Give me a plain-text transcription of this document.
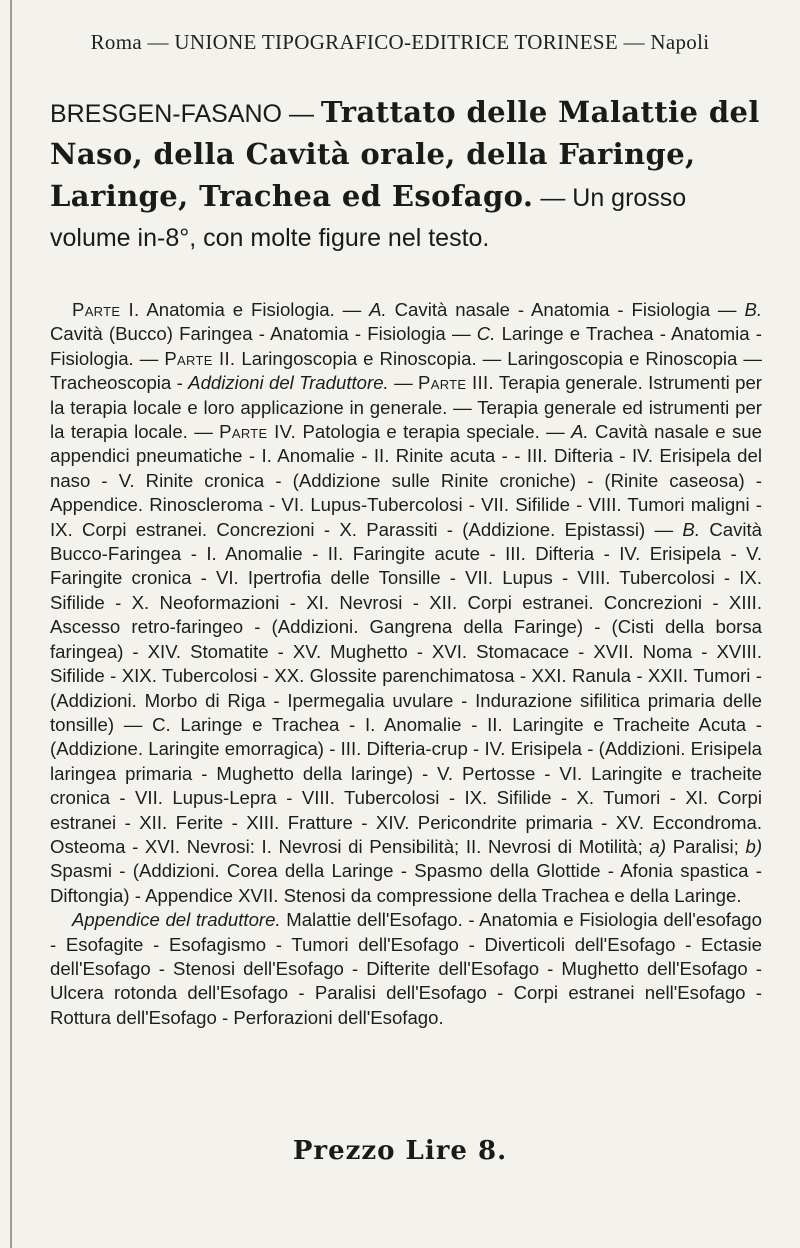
Roma — UNIONE TIPOGRAFICO-EDITRICE TORINESE — Napoli
BRESGEN-FASANO — Trattato delle Malattie del Naso, della Cavità orale, della Faringe, Laringe, Trachea ed Esofago. — Un grosso volume in-8°, con molte figure nel testo.

Parte I. Anatomia e Fisiologia. — A. Cavità nasale - Anatomia - Fisiologia — B. Cavità (Bucco) Faringea - Anatomia - Fisiologia — C. Laringe e Trachea - Anatomia - Fisiologia. — Parte II. Laringoscopia e Rinoscopia. — Laringoscopia e Rinoscopia — Tracheoscopia - Addizioni del Traduttore. — Parte III. Terapia generale. Istrumenti per la terapia locale e loro applicazione in generale. — Terapia generale ed istrumenti per la terapia locale. — Parte IV. Patologia e terapia speciale. — A. Cavità nasale e sue appendici pneumatiche - I. Anomalie - II. Rinite acuta - - III. Difteria - IV. Erisipela del naso - V. Rinite cronica - (Addizione sulle Rinite croniche) - (Rinite caseosa) - Appendice. Rinoscleroma - VI. Lupus-Tubercolosi - VII. Sifilide - VIII. Tumori maligni - IX. Corpi estranei. Concrezioni - X. Parassiti - (Addizione. Epistassi) — B. Cavità Bucco-Faringea - I. Anomalie - II. Faringite acute - III. Difteria - IV. Erisipela - V. Faringite cronica - VI. Ipertrofia delle Tonsille - VII. Lupus - VIII. Tubercolosi - IX. Sifilide - X. Neoformazioni - XI. Nevrosi - XII. Corpi estranei. Concrezioni - XIII. Ascesso retro-faringeo - (Addizioni. Gangrena della Faringe) - (Cisti della borsa faringea) - XIV. Stomatite - XV. Mughetto - XVI. Stomacace - XVII. Noma - XVIII. Sifilide - XIX. Tubercolosi - XX. Glossite parenchimatosa - XXI. Ranula - XXII. Tumori - (Addizioni. Morbo di Riga - Ipermegalia uvulare - Indurazione sifilitica primaria delle tonsille) — C. Laringe e Trachea - I. Anomalie - II. Laringite e Tracheite Acuta - (Addizione. Laringite emorragica) - III. Difteria-crup - IV. Erisipela - (Addizioni. Erisipela laringea primaria - Mughetto della laringe) - V. Pertosse - VI. Laringite e tracheite cronica - VII. Lupus-Lepra - VIII. Tubercolosi - IX. Sifilide - X. Tumori - XI. Corpi estranei - XII. Ferite - XIII. Fratture - XIV. Pericondrite primaria - XV. Eccondroma. Osteoma - XVI. Nevrosi: I. Nevrosi di Pensibilità; II. Nevrosi di Motilità; a) Paralisi; b) Spasmi - (Addizioni. Corea della Laringe - Spasmo della Glottide - Afonia spastica - Diftongia) - Appendice XVII. Stenosi da compressione della Trachea e della Laringe.

Appendice del traduttore. Malattie dell'Esofago. - Anatomia e Fisiologia dell'esofago - Esofagite - Esofagismo - Tumori dell'Esofago - Diverticoli dell'Esofago - Ectasie dell'Esofago - Stenosi dell'Esofago - Difterite dell'Esofago - Mughetto dell'Esofago - Ulcera rotonda dell'Esofago - Paralisi dell'Esofago - Corpi estranei nell'Esofago - Rottura dell'Esofago - Perforazioni dell'Esofago.

Prezzo Lire 8.
